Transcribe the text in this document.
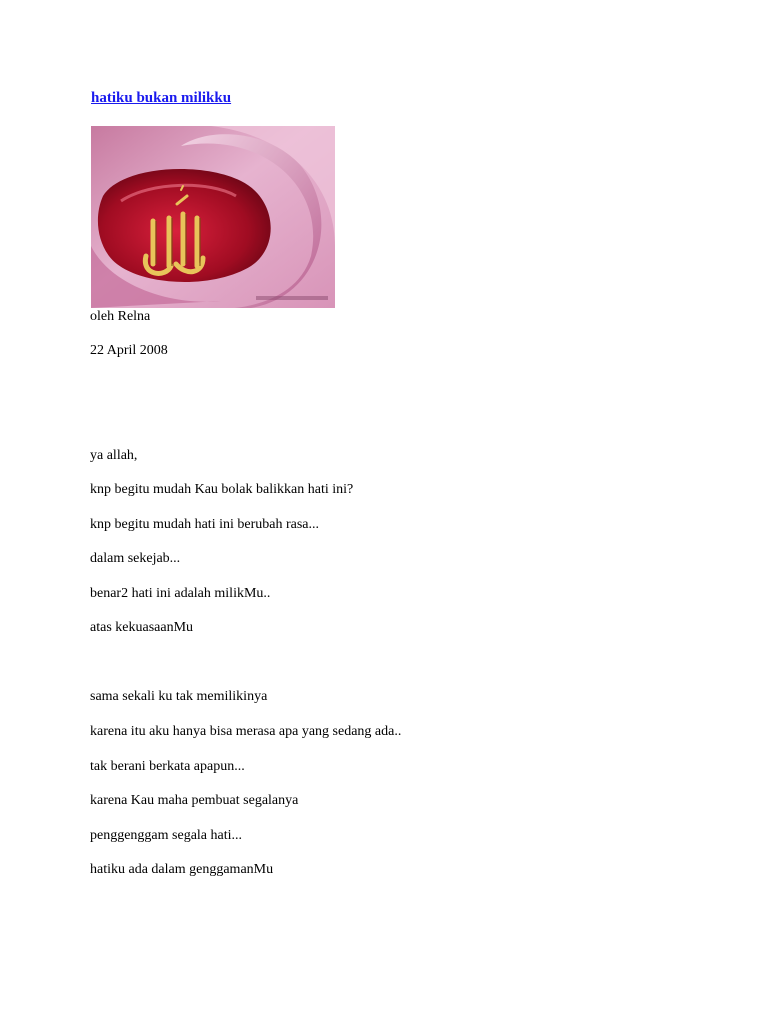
hatiku bukan milikku
oleh Relna
22 April 2008
ya allah,
knp begitu mudah Kau bolak balikkan hati ini?
knp begitu mudah hati ini berubah rasa...
dalam sekejab...
benar2 hati ini adalah milikMu..
atas kekuasaanMu
sama sekali ku tak memilikinya
karena itu aku hanya bisa merasa apa yang sedang ada..
tak berani berkata apapun...
karena Kau maha pembuat segalanya
penggenggam segala hati...
hatiku ada dalam genggamanMu
